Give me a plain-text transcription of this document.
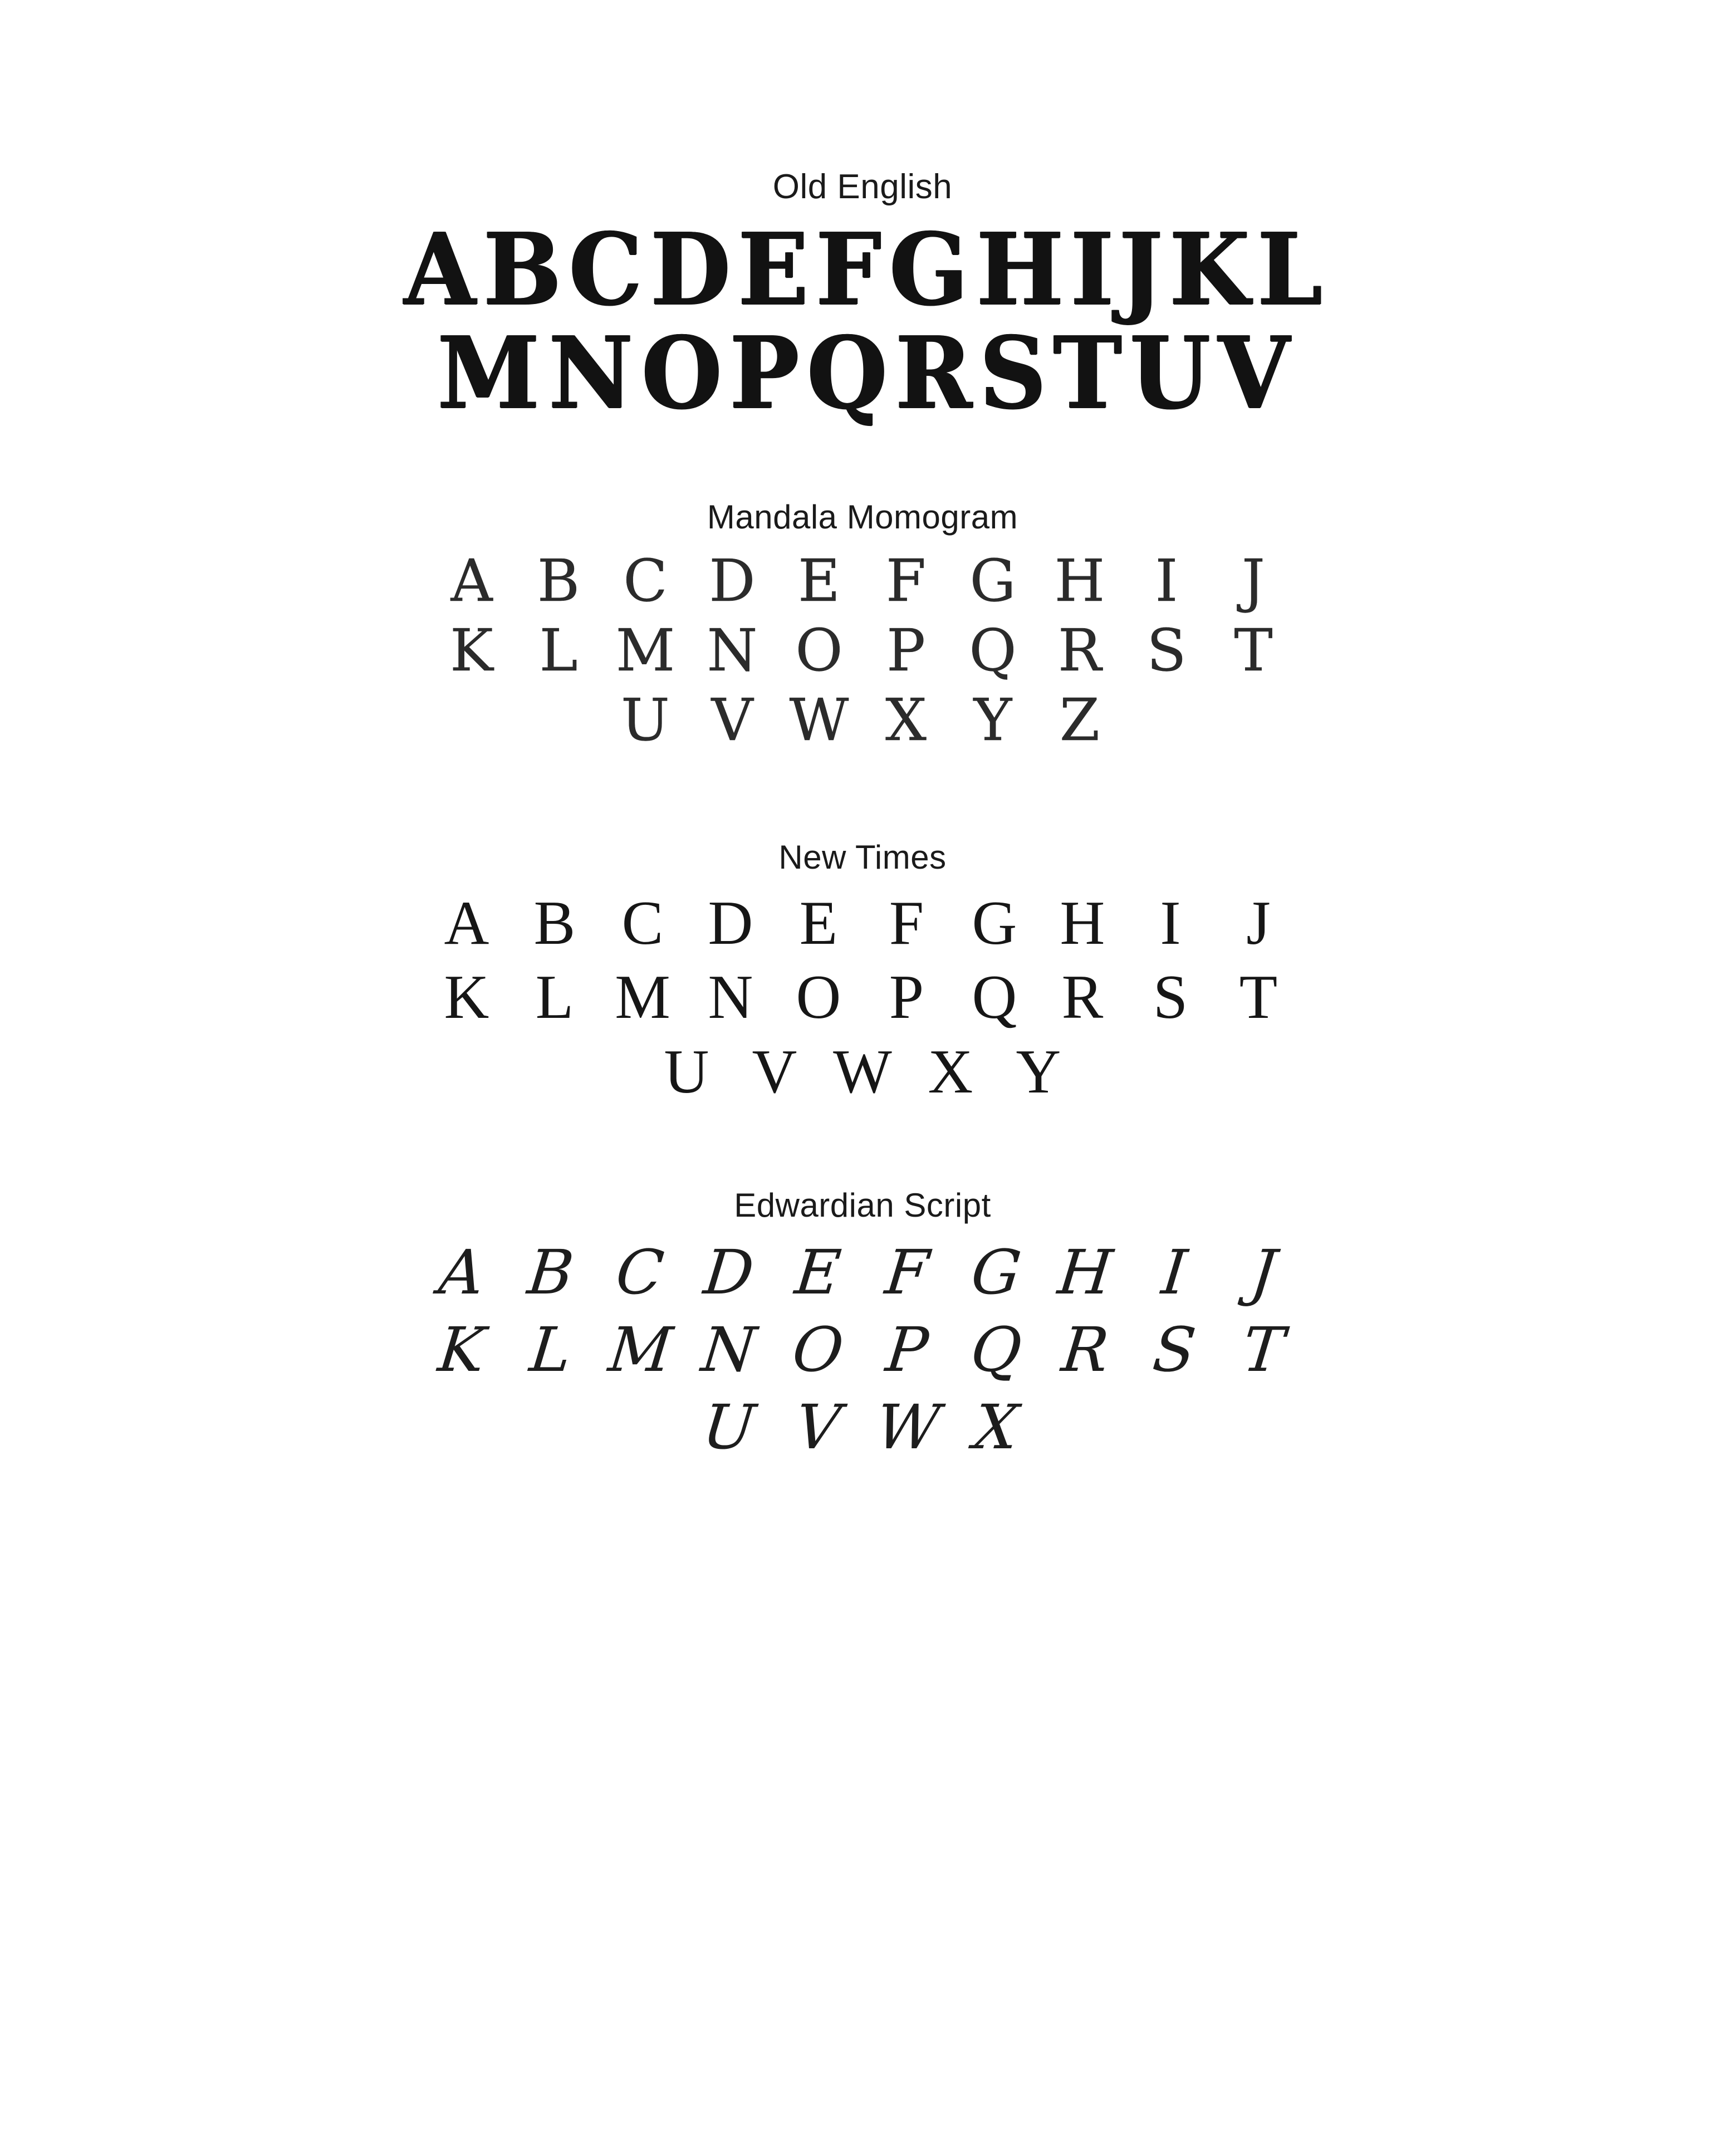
Old English
A B C D E F G H I J K L
M N O P Q R S T U V
Mandala Momogram
A B C D E F G H I	J
K L M N O P Q R S T
U V W X Y Z
New Times
A B C D E F G H I	J
K L M N O P Q R S T
U V W X Y
Edwardian Script
A B C D E F G H I J
K L M N O P Q R S T
U V W X
